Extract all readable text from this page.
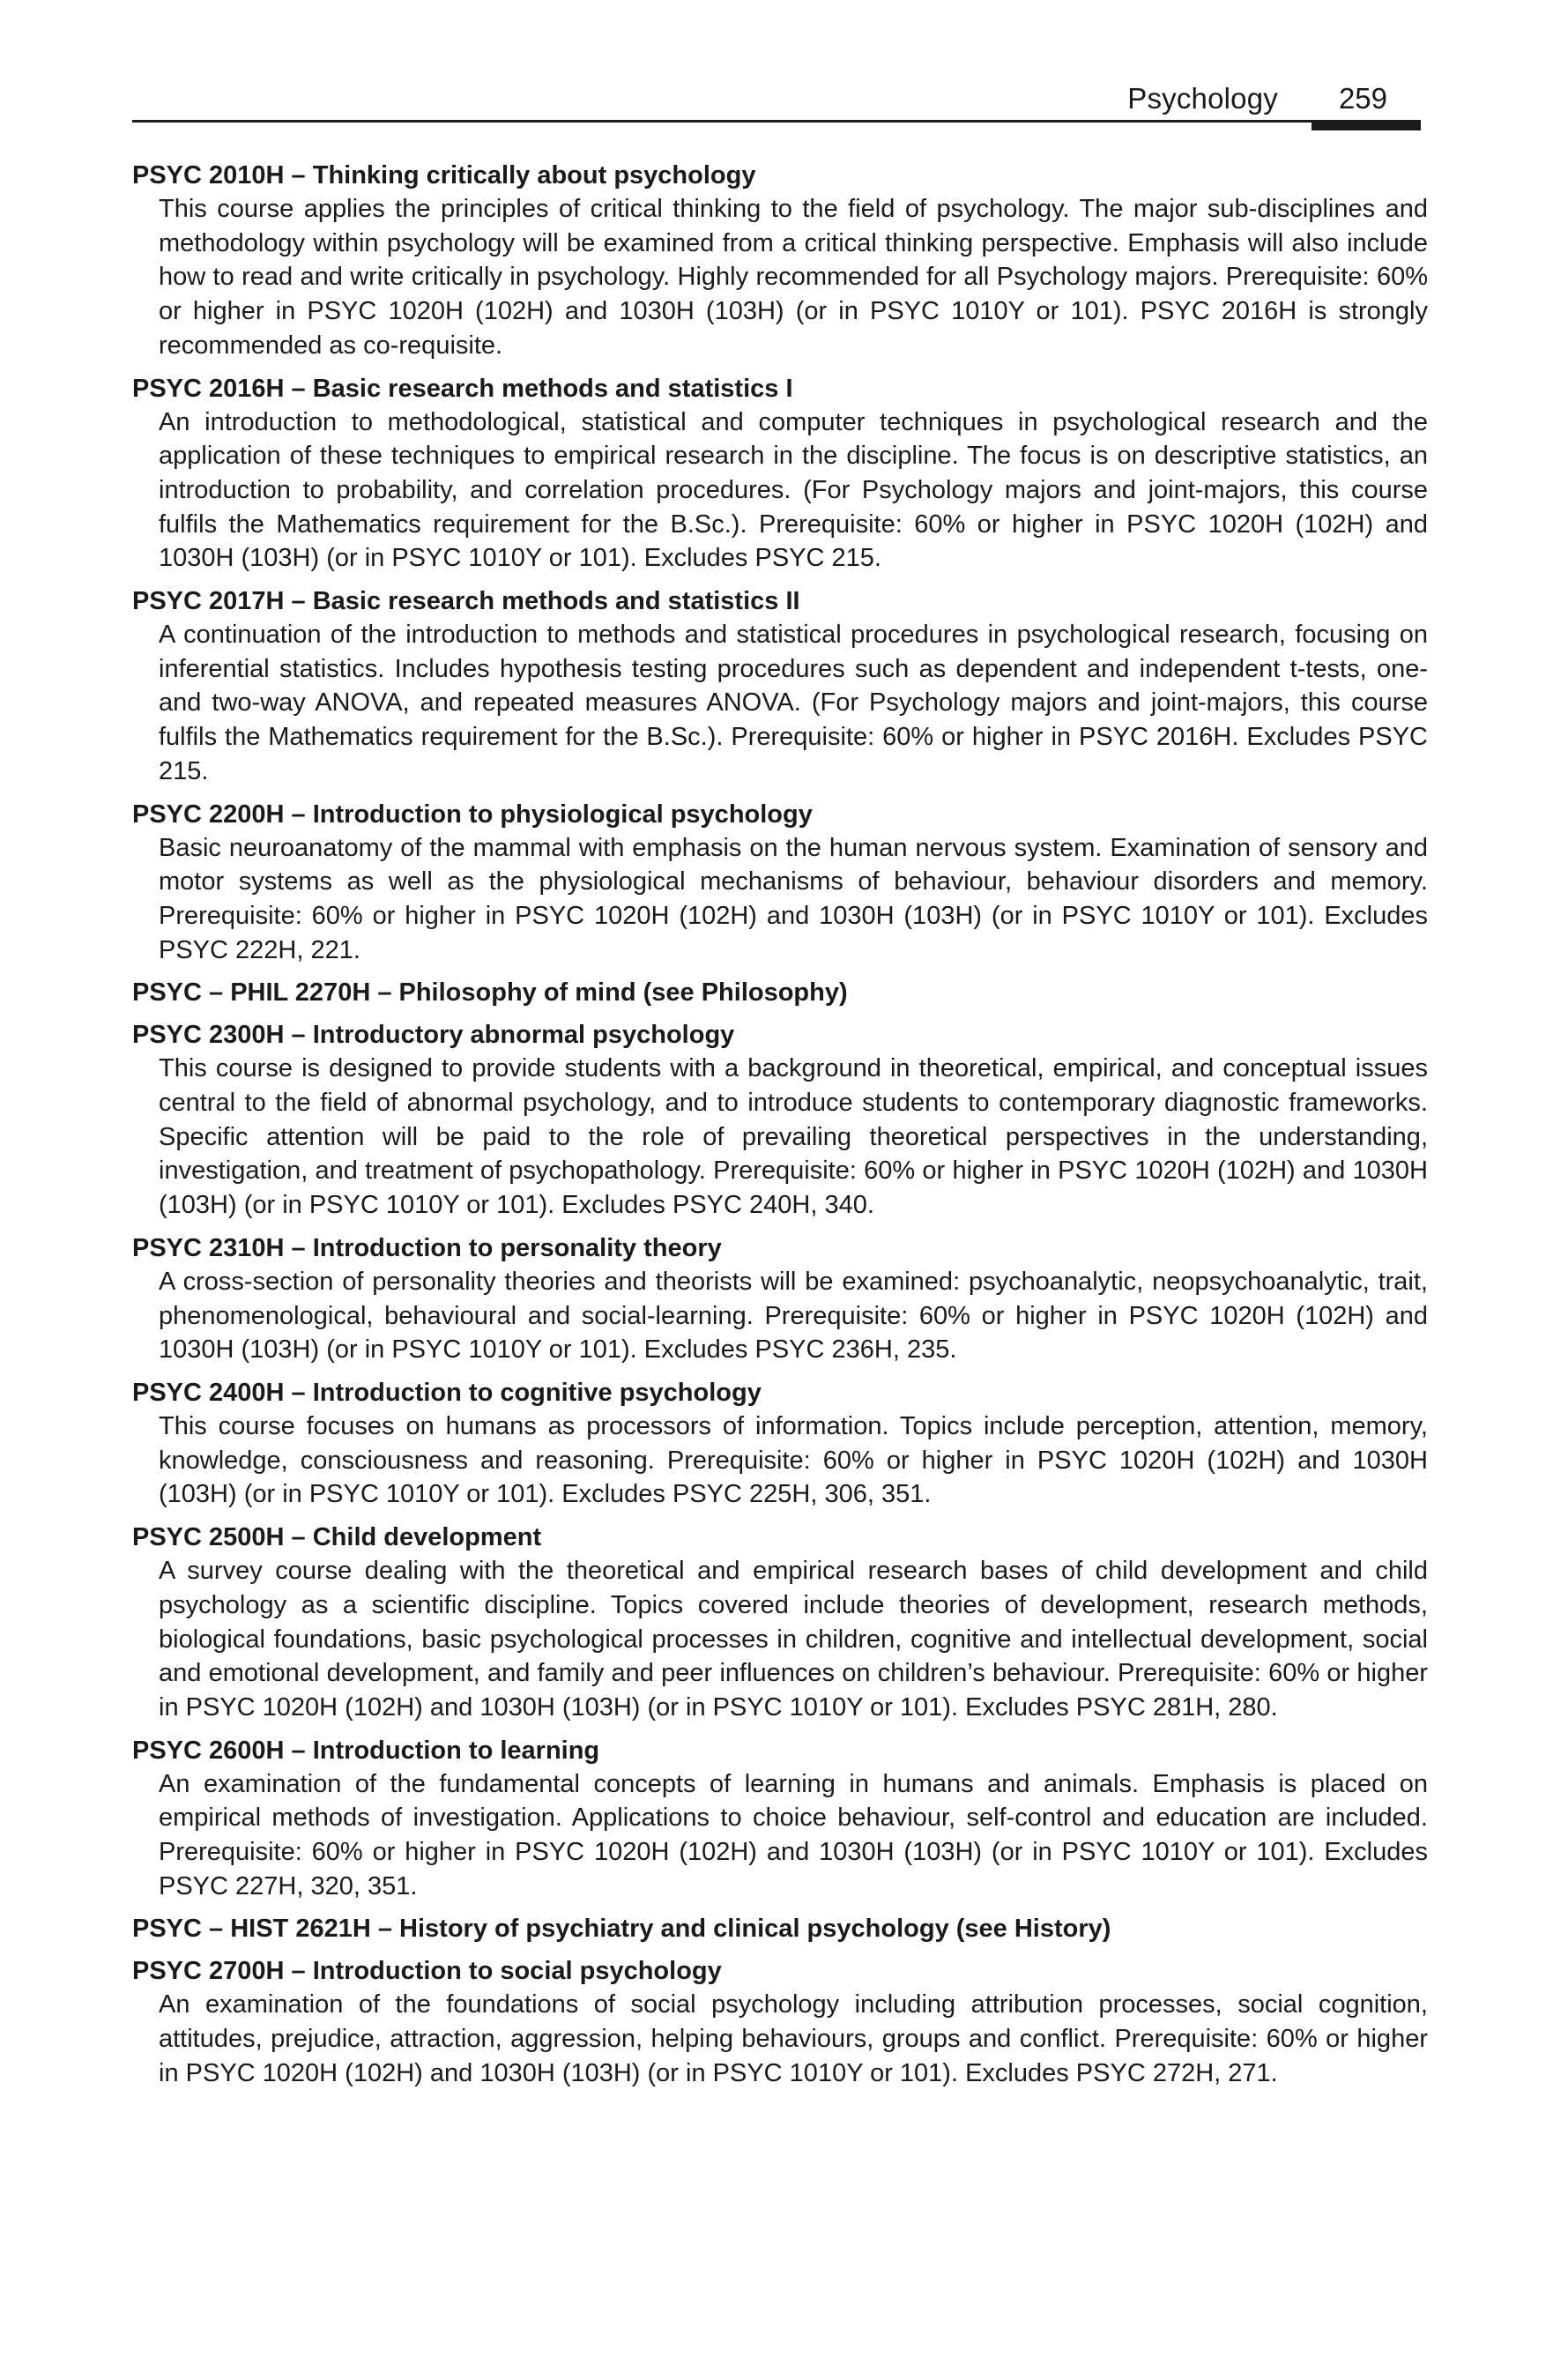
Psychology 259

PSYC 2010H – Thinking critically about psychology

This course applies the principles of critical thinking to the field of psychology. The major sub-disciplines and methodology within psychology will be examined from a critical thinking perspective. Emphasis will also include how to read and write critically in psychology. Highly recommended for all Psychology majors. Prerequisite: 60% or higher in PSYC 1020H (102H) and 1030H (103H) (or in PSYC 1010Y or 101). PSYC 2016H is strongly recommended as co-requisite.

PSYC 2016H – Basic research methods and statistics I

An introduction to methodological, statistical and computer techniques in psychological research and the application of these techniques to empirical research in the discipline. The focus is on descriptive statistics, an introduction to probability, and correlation procedures. (For Psychology majors and joint-majors, this course fulfils the Mathematics requirement for the B.Sc.). Prerequisite: 60% or higher in PSYC 1020H (102H) and 1030H (103H) (or in PSYC 1010Y or 101). Excludes PSYC 215.

PSYC 2017H – Basic research methods and statistics II

A continuation of the introduction to methods and statistical procedures in psychological research, focusing on inferential statistics. Includes hypothesis testing procedures such as dependent and independent t-tests, one- and two-way ANOVA, and repeated measures ANOVA. (For Psychology majors and joint-majors, this course fulfils the Mathematics requirement for the B.Sc.). Prerequisite: 60% or higher in PSYC 2016H. Excludes PSYC 215.

PSYC 2200H – Introduction to physiological psychology

Basic neuroanatomy of the mammal with emphasis on the human nervous system. Examination of sensory and motor systems as well as the physiological mechanisms of behaviour, behaviour disorders and memory. Prerequisite: 60% or higher in PSYC 1020H (102H) and 1030H (103H) (or in PSYC 1010Y or 101). Excludes PSYC 222H, 221.

PSYC – PHIL 2270H – Philosophy of mind (see Philosophy)

PSYC 2300H – Introductory abnormal psychology

This course is designed to provide students with a background in theoretical, empirical, and conceptual issues central to the field of abnormal psychology, and to introduce students to contemporary diagnostic frameworks. Specific attention will be paid to the role of prevailing theoretical perspectives in the understanding, investigation, and treatment of psychopathology. Prerequisite: 60% or higher in PSYC 1020H (102H) and 1030H (103H) (or in PSYC 1010Y or 101). Excludes PSYC 240H, 340.

PSYC 2310H – Introduction to personality theory

A cross-section of personality theories and theorists will be examined: psychoanalytic, neopsychoanalytic, trait, phenomenological, behavioural and social-learning. Prerequisite: 60% or higher in PSYC 1020H (102H) and 1030H (103H) (or in PSYC 1010Y or 101). Excludes PSYC 236H, 235.

PSYC 2400H – Introduction to cognitive psychology

This course focuses on humans as processors of information. Topics include perception, attention, memory, knowledge, consciousness and reasoning. Prerequisite: 60% or higher in PSYC 1020H (102H) and 1030H (103H) (or in PSYC 1010Y or 101). Excludes PSYC 225H, 306, 351.

PSYC 2500H – Child development

A survey course dealing with the theoretical and empirical research bases of child development and child psychology as a scientific discipline. Topics covered include theories of development, research methods, biological foundations, basic psychological processes in children, cognitive and intellectual development, social and emotional development, and family and peer influences on children’s behaviour. Prerequisite: 60% or higher in PSYC 1020H (102H) and 1030H (103H) (or in PSYC 1010Y or 101). Excludes PSYC 281H, 280.

PSYC 2600H – Introduction to learning

An examination of the fundamental concepts of learning in humans and animals. Emphasis is placed on empirical methods of investigation. Applications to choice behaviour, self-control and education are included. Prerequisite: 60% or higher in PSYC 1020H (102H) and 1030H (103H) (or in PSYC 1010Y or 101). Excludes PSYC 227H, 320, 351.

PSYC – HIST 2621H – History of psychiatry and clinical psychology (see History)

PSYC 2700H – Introduction to social psychology

An examination of the foundations of social psychology including attribution processes, social cognition, attitudes, prejudice, attraction, aggression, helping behaviours, groups and conflict. Prerequisite: 60% or higher in PSYC 1020H (102H) and 1030H (103H) (or in PSYC 1010Y or 101). Excludes PSYC 272H, 271.
